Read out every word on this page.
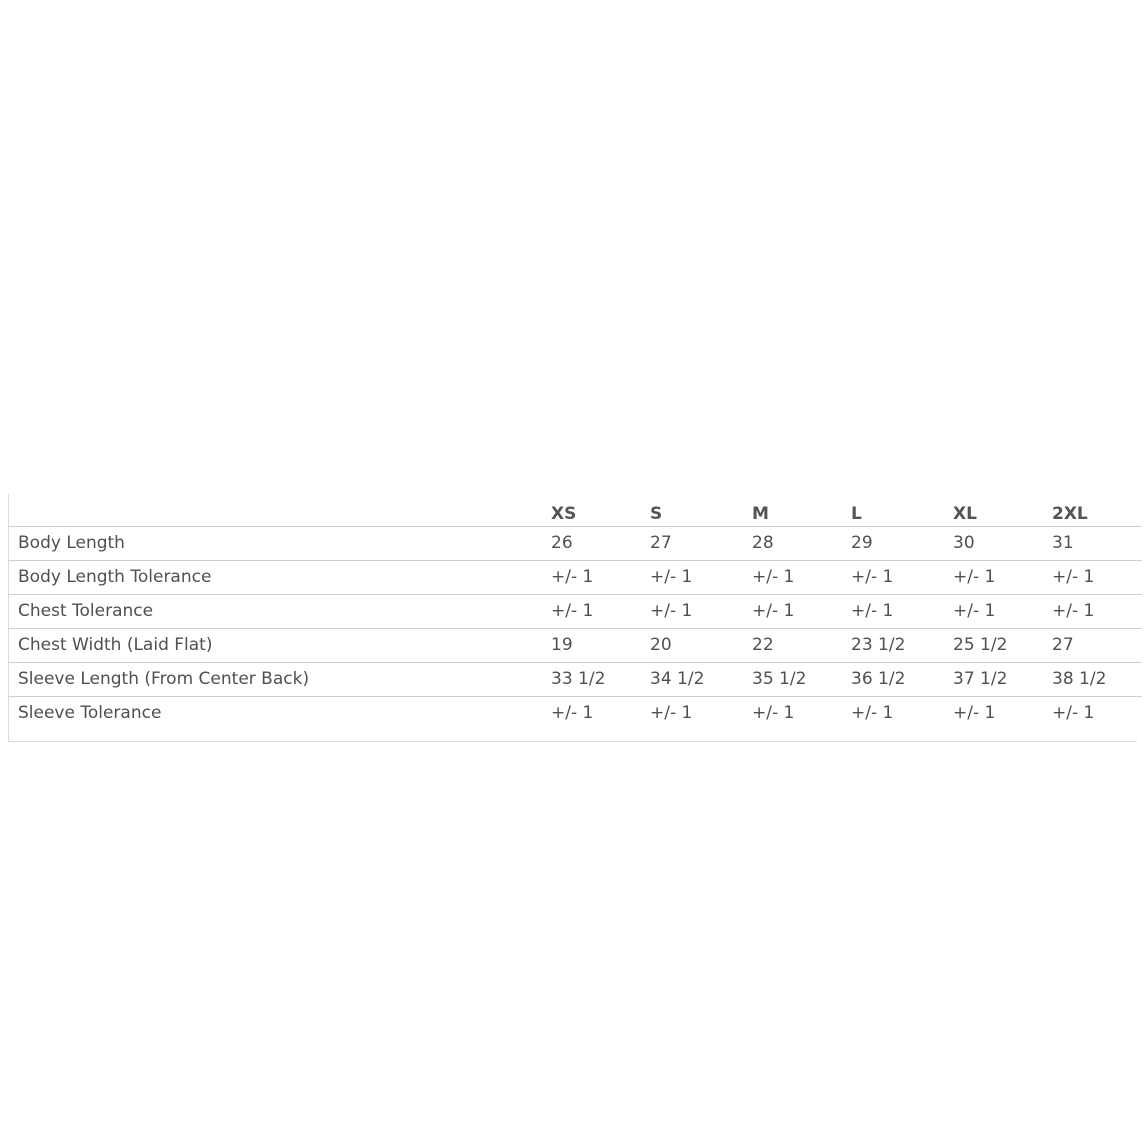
	XS	S	M	L	XL	2XL
Body Length	26	27	28	29	30	31
Body Length Tolerance	+/- 1	+/- 1	+/- 1	+/- 1	+/- 1	+/- 1
Chest Tolerance	+/- 1	+/- 1	+/- 1	+/- 1	+/- 1	+/- 1
Chest Width (Laid Flat)	19	20	22	23 1/2	25 1/2	27
Sleeve Length (From Center Back)	33 1/2	34 1/2	35 1/2	36 1/2	37 1/2	38 1/2
Sleeve Tolerance	+/- 1	+/- 1	+/- 1	+/- 1	+/- 1	+/- 1
